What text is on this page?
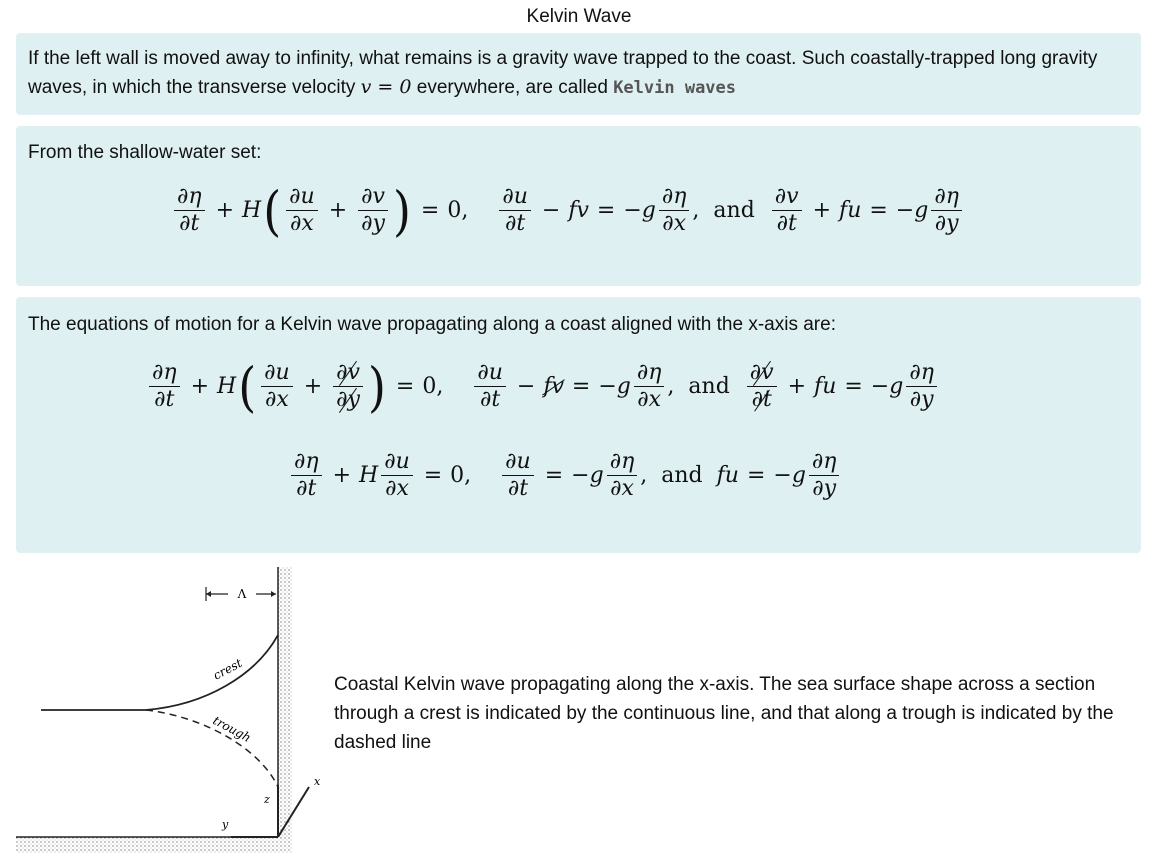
Kelvin Wave

If the left wall is moved away to infinity, what remains is a gravity wave trapped to the coast. Such coastally-trapped long gravity waves, in which the transverse velocity v = 0 everywhere, are called Kelvin waves

From the shallow-water set:

$\frac{\partial\eta}{\partial t} + H$ ( $\frac{\partial u}{\partial x} + \frac{\partial v}{\partial y}$ ) = 0, $\frac{\partial u}{\partial t}$ − fv = $-g \frac{\partial\eta}{\partial x}$ , and $\frac{\partial v}{\partial t}$ + fu = $-g \frac{\partial\eta}{\partial y}$

The equations of motion for a Kelvin wave propagating along a coast aligned with the x-axis are:

$\frac{\partial\eta}{\partial t} + H$ ( $\frac{\partial u}{\partial x} + \frac{\partial v}{\partial y}$ ) = 0, $\frac{\partial u}{\partial t}$ − fv = $-g \frac{\partial\eta}{\partial x}$ , and $\frac{\partial v}{\partial t}$ + fu = $-g \frac{\partial\eta}{\partial y}$
$\frac{\partial\eta}{\partial t} + H \frac{\partial u}{\partial x} = 0$, $\frac{\partial u}{\partial t} = -g \frac{\partial\eta}{\partial x}$ , and fu = $-g \frac{\partial\eta}{\partial y}$
Λ
crest
trough
x
z
y
Coastal Kelvin wave propagating along the x-axis. The sea surface shape across a section through a crest is indicated by the continuous line, and that along a trough is indicated by the dashed line
